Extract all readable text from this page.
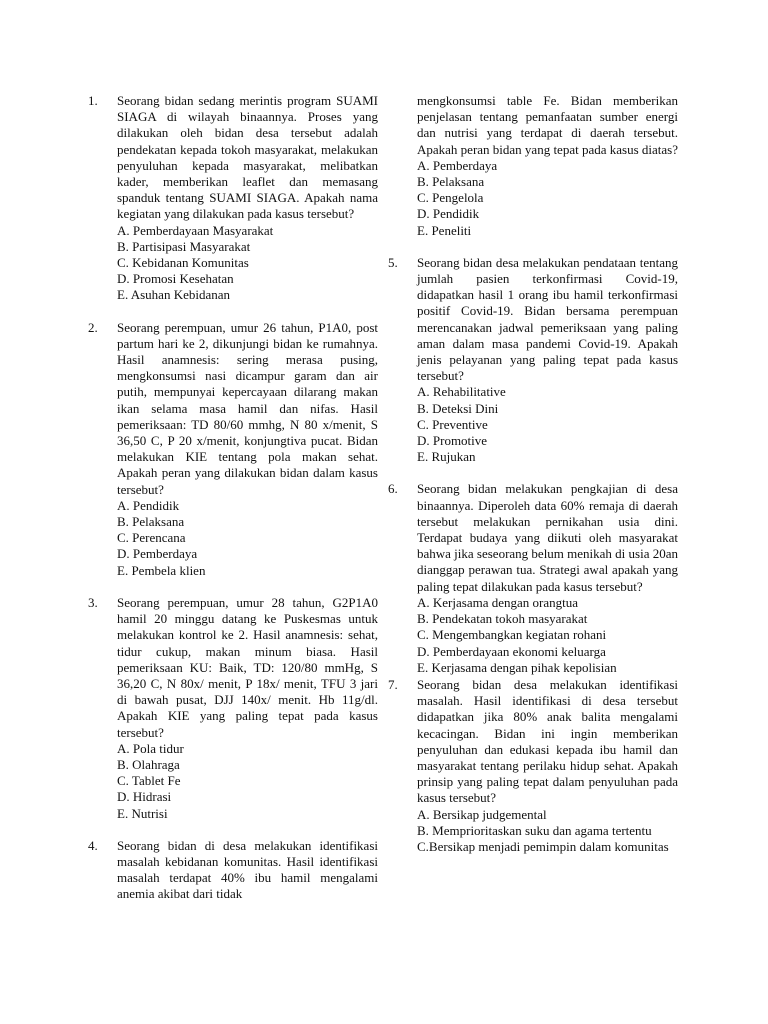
1. Seorang bidan sedang merintis program SUAMI SIAGA di wilayah binaannya. Proses yang dilakukan oleh bidan desa tersebut adalah pendekatan kepada tokoh masyarakat, melakukan penyuluhan kepada masyarakat, melibatkan kader, memberikan leaflet dan memasang spanduk tentang SUAMI SIAGA. Apakah nama kegiatan yang dilakukan pada kasus tersebut?
A. Pemberdayaan Masyarakat
B. Partisipasi Masyarakat
C. Kebidanan Komunitas
D. Promosi Kesehatan
E. Asuhan Kebidanan
2. Seorang perempuan, umur 26 tahun, P1A0, post partum hari ke 2, dikunjungi bidan ke rumahnya. Hasil anamnesis: sering merasa pusing, mengkonsumsi nasi dicampur garam dan air putih, mempunyai kepercayaan dilarang makan ikan selama masa hamil dan nifas. Hasil pemeriksaan: TD 80/60 mmhg, N 80 x/menit, S 36,50 C, P 20 x/menit, konjungtiva pucat. Bidan melakukan KIE tentang pola makan sehat. Apakah peran yang dilakukan bidan dalam kasus tersebut?
A. Pendidik
B. Pelaksana
C. Perencana
D. Pemberdaya
E. Pembela klien
3. Seorang perempuan, umur 28 tahun, G2P1A0 hamil 20 minggu datang ke Puskesmas untuk melakukan kontrol ke 2. Hasil anamnesis: sehat, tidur cukup, makan minum biasa. Hasil pemeriksaan KU: Baik, TD: 120/80 mmHg, S 36,20 C, N 80x/ menit, P 18x/ menit, TFU 3 jari di bawah pusat, DJJ 140x/ menit. Hb 11g/dl. Apakah KIE yang paling tepat pada kasus tersebut?
A. Pola tidur
B. Olahraga
C. Tablet Fe
D. Hidrasi
E. Nutrisi
4. Seorang bidan di desa melakukan identifikasi masalah kebidanan komunitas. Hasil identifikasi masalah terdapat 40% ibu hamil mengalami anemia akibat dari tidak
mengkonsumsi table Fe. Bidan memberikan penjelasan tentang pemanfaatan sumber energi dan nutrisi yang terdapat di daerah tersebut. Apakah peran bidan yang tepat pada kasus diatas?
A. Pemberdaya
B. Pelaksana
C. Pengelola
D. Pendidik
E. Peneliti
5. Seorang bidan desa melakukan pendataan tentang jumlah pasien terkonfirmasi Covid-19, didapatkan hasil 1 orang ibu hamil terkonfirmasi positif Covid-19. Bidan bersama perempuan merencanakan jadwal pemeriksaan yang paling aman dalam masa pandemi Covid-19. Apakah jenis pelayanan yang paling tepat pada kasus tersebut?
A. Rehabilitative
B. Deteksi Dini
C. Preventive
D. Promotive
E. Rujukan
6. Seorang bidan melakukan pengkajian di desa binaannya. Diperoleh data 60% remaja di daerah tersebut melakukan pernikahan usia dini. Terdapat budaya yang diikuti oleh masyarakat bahwa jika seseorang belum menikah di usia 20an dianggap perawan tua. Strategi awal apakah yang paling tepat dilakukan pada kasus tersebut?
A. Kerjasama dengan orangtua
B. Pendekatan tokoh masyarakat
C. Mengembangkan kegiatan rohani
D. Pemberdayaan ekonomi keluarga
E. Kerjasama dengan pihak kepolisian
7. Seorang bidan desa melakukan identifikasi masalah. Hasil identifikasi di desa tersebut didapatkan jika 80% anak balita mengalami kecacingan. Bidan ini ingin memberikan penyuluhan dan edukasi kepada ibu hamil dan masyarakat tentang perilaku hidup sehat. Apakah prinsip yang paling tepat dalam penyuluhan pada kasus tersebut?
A. Bersikap judgemental
B. Memprioritaskan suku dan agama tertentu
C.Bersikap menjadi pemimpin dalam komunitas
